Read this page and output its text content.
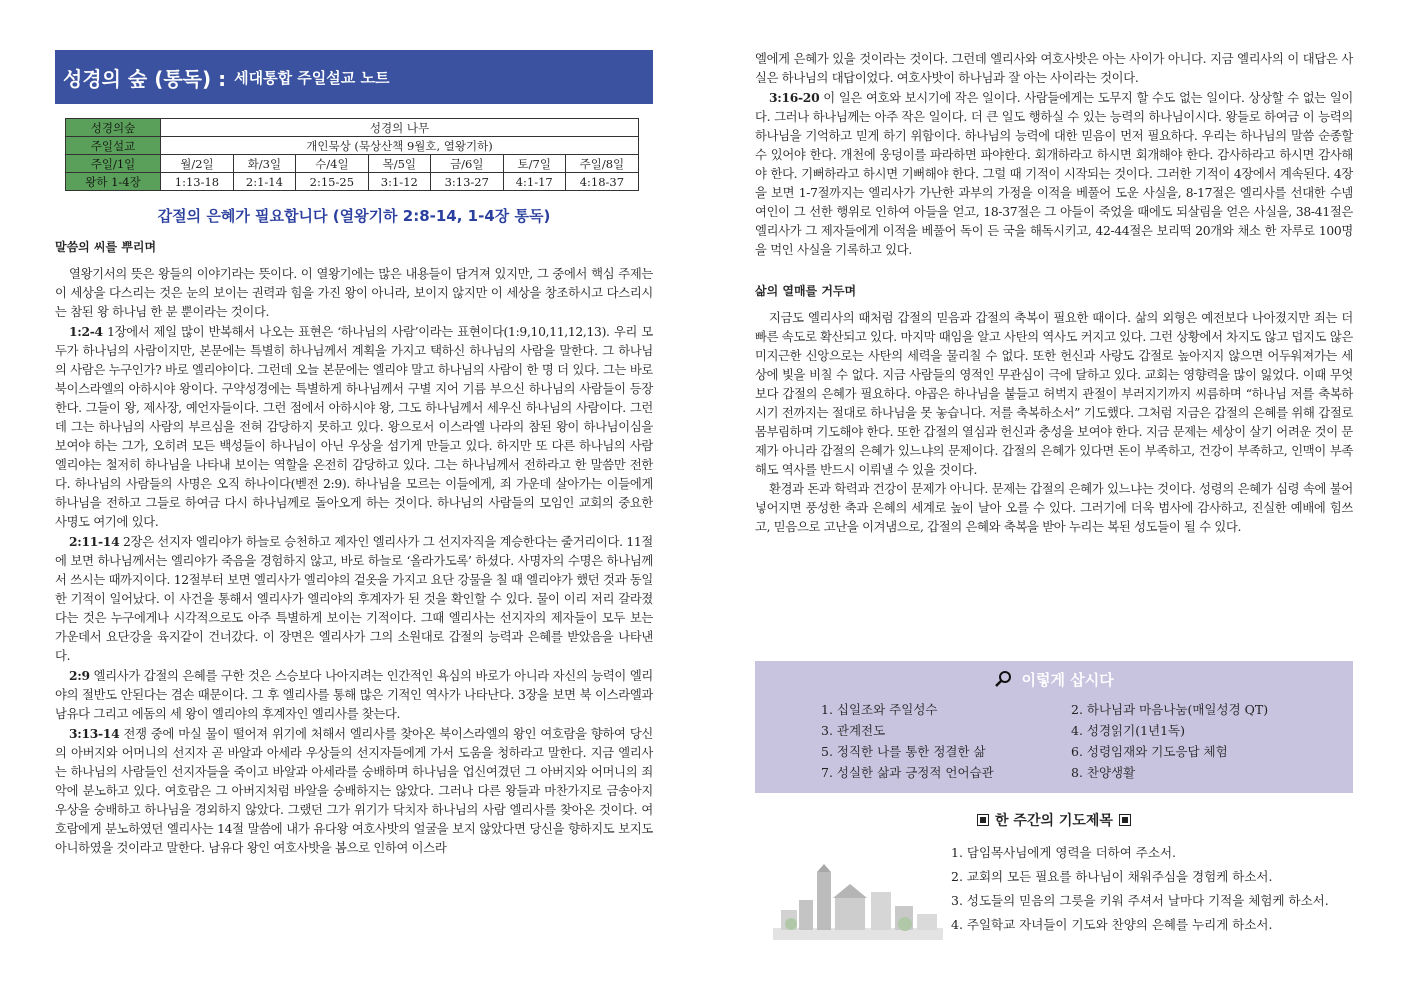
성경의 숲 (통독) : 세대통합 주일설교 노트
성경의숲	성경의 나무						
주일설교	개인묵상 (묵상산책 9월호, 열왕기하)						
주일/1일	월/2일	화/3일	수/4일	목/5일	금/6일	토/7일	주일/8일
왕하 1-4장	1:13-18	2:1-14	2:15-25	3:1-12	3:13-27	4:1-17	4:18-37
갑절의 은혜가 필요합니다 (열왕기하 2:8-14, 1-4장 통독)
말씀의 씨를 뿌리며

열왕기서의 뜻은 왕들의 이야기라는 뜻이다. 이 열왕기에는 많은 내용들이 담겨져 있지만, 그 중에서 핵심 주제는 이 세상을 다스리는 것은 눈의 보이는 권력과 힘을 가진 왕이 아니라, 보이지 않지만 이 세상을 창조하시고 다스리시는 참된 왕 하나님 한 분 뿐이라는 것이다.

1:2-4 1장에서 제일 많이 반복해서 나오는 표현은 ‘하나님의 사람’이라는 표현이다(1:9,10,11,12,13). 우리 모두가 하나님의 사람이지만, 본문에는 특별히 하나님께서 계획을 가지고 택하신 하나님의 사람을 말한다. 그 하나님의 사람은 누구인가? 바로 엘리야이다. 그런데 오늘 본문에는 엘리야 말고 하나님의 사람이 한 명 더 있다. 그는 바로 북이스라엘의 아하시야 왕이다. 구약성경에는 특별하게 하나님께서 구별 지어 기름 부으신 하나님의 사람들이 등장한다. 그들이 왕, 제사장, 예언자들이다. 그런 점에서 아하시야 왕, 그도 하나님께서 세우신 하나님의 사람이다. 그런데 그는 하나님의 사람의 부르심을 전혀 감당하지 못하고 있다. 왕으로서 이스라엘 나라의 참된 왕이 하나님이심을 보여야 하는 그가, 오히려 모든 백성들이 하나님이 아닌 우상을 섬기게 만들고 있다. 하지만 또 다른 하나님의 사람 엘리야는 철저히 하나님을 나타내 보이는 역할을 온전히 감당하고 있다. 그는 하나님께서 전하라고 한 말씀만 전한다. 하나님의 사람들의 사명은 오직 하나이다(벧전 2:9). 하나님을 모르는 이들에게, 죄 가운데 살아가는 이들에게 하나님을 전하고 그들로 하여금 다시 하나님께로 돌아오게 하는 것이다. 하나님의 사람들의 모임인 교회의 중요한 사명도 여기에 있다.

2:11-14 2장은 선지자 엘리야가 하늘로 승천하고 제자인 엘리사가 그 선지자직을 계승한다는 줄거리이다. 11절에 보면 하나님께서는 엘리야가 죽음을 경험하지 않고, 바로 하늘로 ‘올라가도록’ 하셨다. 사명자의 수명은 하나님께서 쓰시는 때까지이다. 12절부터 보면 엘리사가 엘리야의 겉옷을 가지고 요단 강물을 칠 때 엘리야가 했던 것과 동일한 기적이 일어났다. 이 사건을 통해서 엘리사가 엘리야의 후계자가 된 것을 확인할 수 있다. 물이 이리 저리 갈라졌다는 것은 누구에게나 시각적으로도 아주 특별하게 보이는 기적이다. 그때 엘리사는 선지자의 제자들이 모두 보는 가운데서 요단강을 육지같이 건너갔다. 이 장면은 엘리사가 그의 소원대로 갑절의 능력과 은혜를 받았음을 나타낸다.

2:9 엘리사가 갑절의 은혜를 구한 것은 스승보다 나아지려는 인간적인 욕심의 바로가 아니라 자신의 능력이 엘리야의 절반도 안된다는 겸손 때문이다. 그 후 엘리사를 통해 많은 기적인 역사가 나타난다. 3장을 보면 북 이스라엘과 남유다 그리고 에돔의 세 왕이 엘리야의 후계자인 엘리사를 찾는다.

3:13-14 전쟁 중에 마실 물이 떨어져 위기에 처해서 엘리사를 찾아온 북이스라엘의 왕인 여호람을 향하여 당신의 아버지와 어머니의 선지자 곧 바알과 아세라 우상들의 선지자들에게 가서 도움을 청하라고 말한다. 지금 엘리사는 하나님의 사람들인 선지자들을 죽이고 바알과 아세라를 숭배하며 하나님을 업신여겼던 그 아버지와 어머니의 죄악에 분노하고 있다. 여호람은 그 아버지처럼 바알을 숭배하지는 않았다. 그러나 다른 왕들과 마찬가지로 금송아지 우상을 숭배하고 하나님을 경외하지 않았다. 그랬던 그가 위기가 닥치자 하나님의 사람 엘리사를 찾아온 것이다. 여호람에게 분노하였던 엘리사는 14절 말씀에 내가 유다왕 여호사밧의 얼굴을 보지 않았다면 당신을 향하지도 보지도 아니하였을 것이라고 말한다. 남유다 왕인 여호사밧을 봄으로 인하여 이스라

엘에게 은혜가 있을 것이라는 것이다. 그런데 엘리사와 여호사밧은 아는 사이가 아니다. 지금 엘리사의 이 대답은 사실은 하나님의 대답이었다. 여호사밧이 하나님과 잘 아는 사이라는 것이다.

3:16-20 이 일은 여호와 보시기에 작은 일이다. 사람들에게는 도무지 할 수도 없는 일이다. 상상할 수 없는 일이다. 그러나 하나님께는 아주 작은 일이다. 더 큰 일도 행하실 수 있는 능력의 하나님이시다. 왕들로 하여금 이 능력의 하나님을 기억하고 믿게 하기 위함이다. 하나님의 능력에 대한 믿음이 먼저 필요하다. 우리는 하나님의 말씀 순종할 수 있어야 한다. 개천에 웅덩이를 파라하면 파야한다. 회개하라고 하시면 회개해야 한다. 감사하라고 하시면 감사해야 한다. 기뻐하라고 하시면 기뻐해야 한다. 그럴 때 기적이 시작되는 것이다. 그러한 기적이 4장에서 계속된다. 4장을 보면 1-7절까지는 엘리사가 가난한 과부의 가정을 이적을 베풀어 도운 사실을, 8-17절은 엘리사를 선대한 수넴 여인이 그 선한 행위로 인하여 아들을 얻고, 18-37절은 그 아들이 죽었을 때에도 되살림을 얻은 사실을, 38-41절은 엘리사가 그 제자들에게 이적을 베풀어 독이 든 국을 해독시키고, 42-44절은 보리떡 20개와 채소 한 자루로 100명을 먹인 사실을 기록하고 있다.

삶의 열매를 거두며

지금도 엘리사의 때처럼 갑절의 믿음과 갑절의 축복이 필요한 때이다. 삶의 외형은 예전보다 나아졌지만 죄는 더 빠른 속도로 확산되고 있다. 마지막 때임을 알고 사탄의 역사도 커지고 있다. 그런 상황에서 차지도 않고 덥지도 않은 미지근한 신앙으로는 사탄의 세력을 물리칠 수 없다. 또한 헌신과 사랑도 갑절로 높아지지 않으면 어두워져가는 세상에 빛을 비칠 수 없다. 지금 사람들의 영적인 무관심이 극에 달하고 있다. 교회는 영향력을 많이 잃었다. 이때 무엇보다 갑절의 은혜가 필요하다. 야곱은 하나님을 붙들고 허벅지 관절이 부러지기까지 씨름하며 “하나님 저를 축복하시기 전까지는 절대로 하나님을 못 놓습니다. 저를 축복하소서” 기도했다. 그처럼 지금은 갑절의 은혜를 위해 갑절로 몸부림하며 기도해야 한다. 또한 갑절의 열심과 헌신과 충성을 보여야 한다. 지금 문제는 세상이 살기 어려운 것이 문제가 아니라 갑절의 은혜가 있느냐의 문제이다. 갑절의 은혜가 있다면 돈이 부족하고, 건강이 부족하고, 인맥이 부족해도 역사를 반드시 이뤄낼 수 있을 것이다.

환경과 돈과 학력과 건강이 문제가 아니다. 문제는 갑절의 은혜가 있느냐는 것이다. 성령의 은혜가 심령 속에 불어 넣어지면 풍성한 축과 은혜의 세계로 높이 날아 오를 수 있다. 그러기에 더욱 범사에 감사하고, 진실한 예배에 힘쓰고, 믿음으로 고난을 이겨냄으로, 갑절의 은혜와 축복을 받아 누리는 복된 성도들이 될 수 있다.

이렇게 삽시다
1. 십일조와 주일성수	2. 하나님과 마음나눔(매일성경 QT)
3. 관계전도	4. 성경읽기(1년1독)
5. 정직한 나를 통한 정결한 삶	6. 성령임재와 기도응답 체험
7. 성실한 삶과 긍정적 언어습관	8. 찬양생활
한 주간의 기도제목
1. 담임목사님에게 영력을 더하여 주소서.
2. 교회의 모든 필요를 하나님이 채워주심을 경험케 하소서.
3. 성도들의 믿음의 그릇을 키워 주셔서 날마다 기적을 체험케 하소서.
4. 주일학교 자녀들이 기도와 찬양의 은혜를 누리게 하소서.
